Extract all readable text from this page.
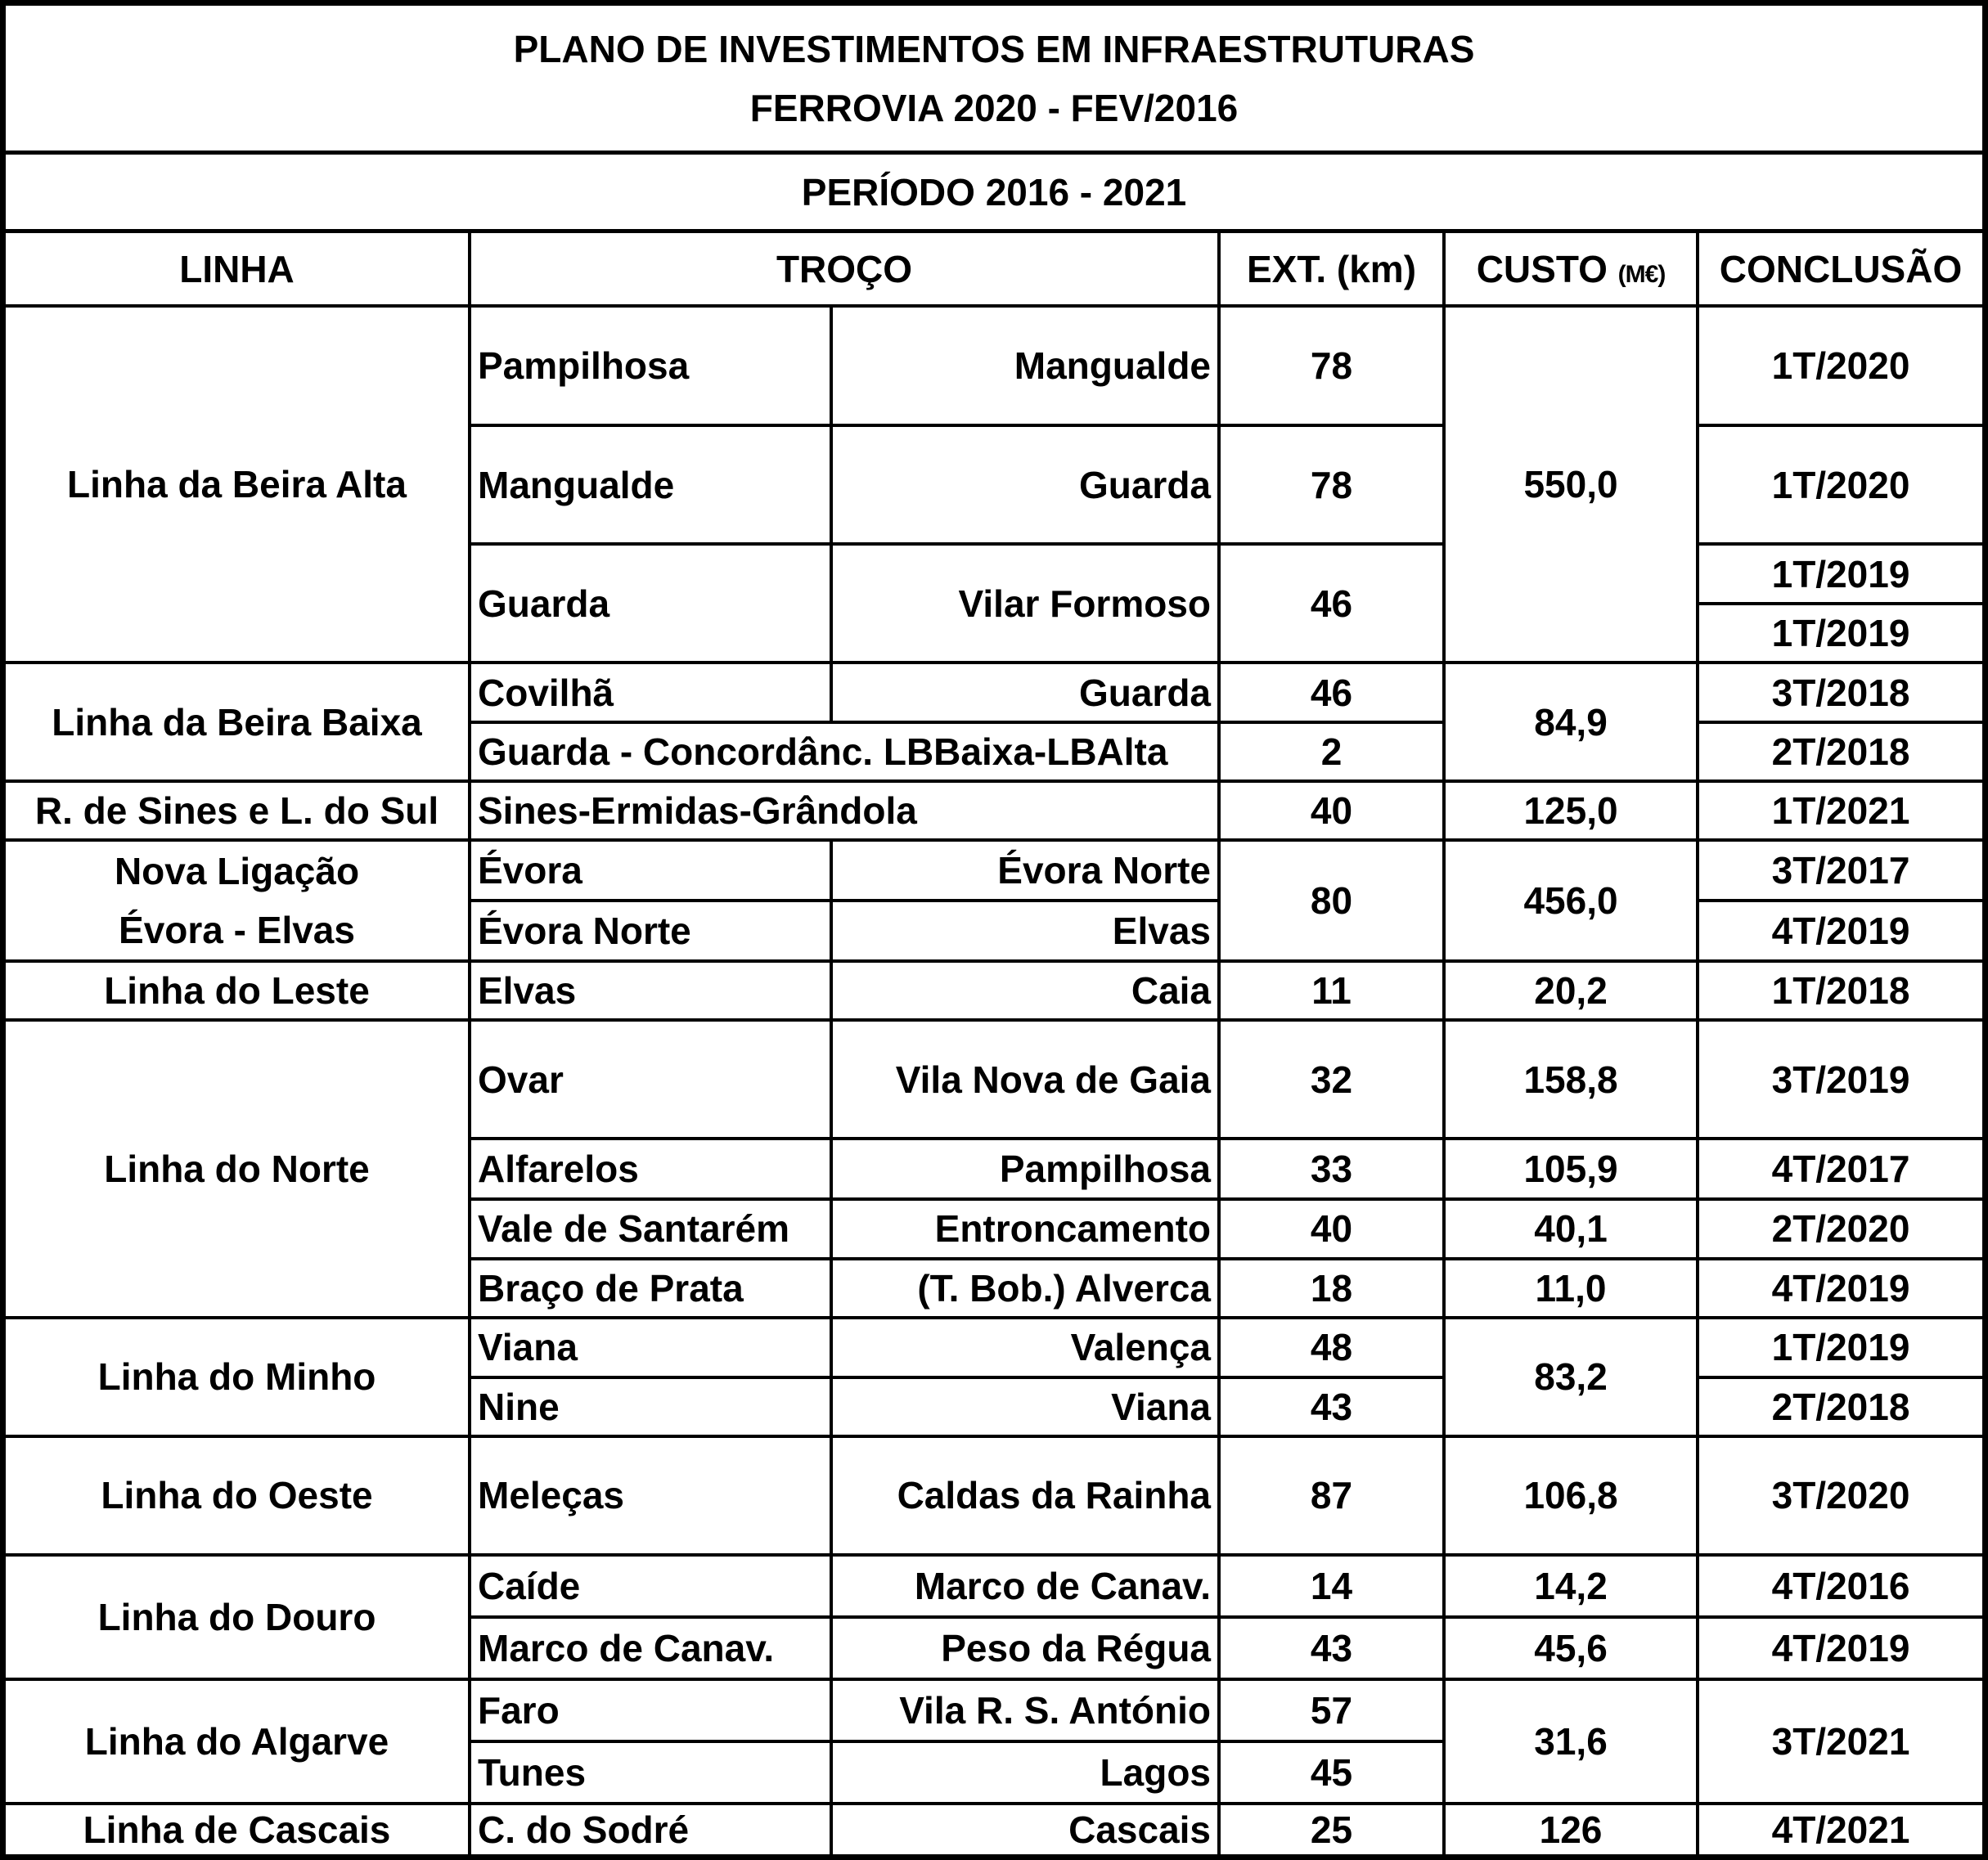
PLANO DE INVESTIMENTOS EM INFRAESTRUTURAS
FERROVIA 2020 - FEV/2016
PERÍODO 2016 - 2021
LINHA	TROÇO		EXT. (km)	CUSTO (M€)	CONCLUSÃO
Linha da Beira Alta	Pampilhosa	Mangualde	78	550,0	1T/2020
	Mangualde	Guarda	78		1T/2020
	Guarda	Vilar Formoso	46		1T/2019
					1T/2019
Linha da Beira Baixa	Covilhã	Guarda	46	84,9	3T/2018
	Guarda - Concordânc. LBBaixa-LBAlta		2		2T/2018
R. de Sines e L. do Sul	Sines-Ermidas-Grândola		40	125,0	1T/2021

Nova Ligação
Évora - Elvas	Évora	Évora Norte	80	456,0	3T/2017
	Évora Norte	Elvas			4T/2019
Linha do Leste	Elvas	Caia	11	20,2	1T/2018
Linha do Norte	Ovar	Vila Nova de Gaia	32	158,8	3T/2019
	Alfarelos	Pampilhosa	33	105,9	4T/2017
	Vale de Santarém	Entroncamento	40	40,1	2T/2020
	Braço de Prata	(T. Bob.) Alverca	18	11,0	4T/2019
Linha do Minho	Viana	Valença	48	83,2	1T/2019
	Nine	Viana	43		2T/2018
Linha do Oeste	Meleças	Caldas da Rainha	87	106,8	3T/2020
Linha do Douro	Caíde	Marco de Canav.	14	14,2	4T/2016
	Marco de Canav.	Peso da Régua	43	45,6	4T/2019
Linha do Algarve	Faro	Vila R. S. António	57	31,6	3T/2021
	Tunes	Lagos	45		
Linha de Cascais	C. do Sodré	Cascais	25	126	4T/2021
